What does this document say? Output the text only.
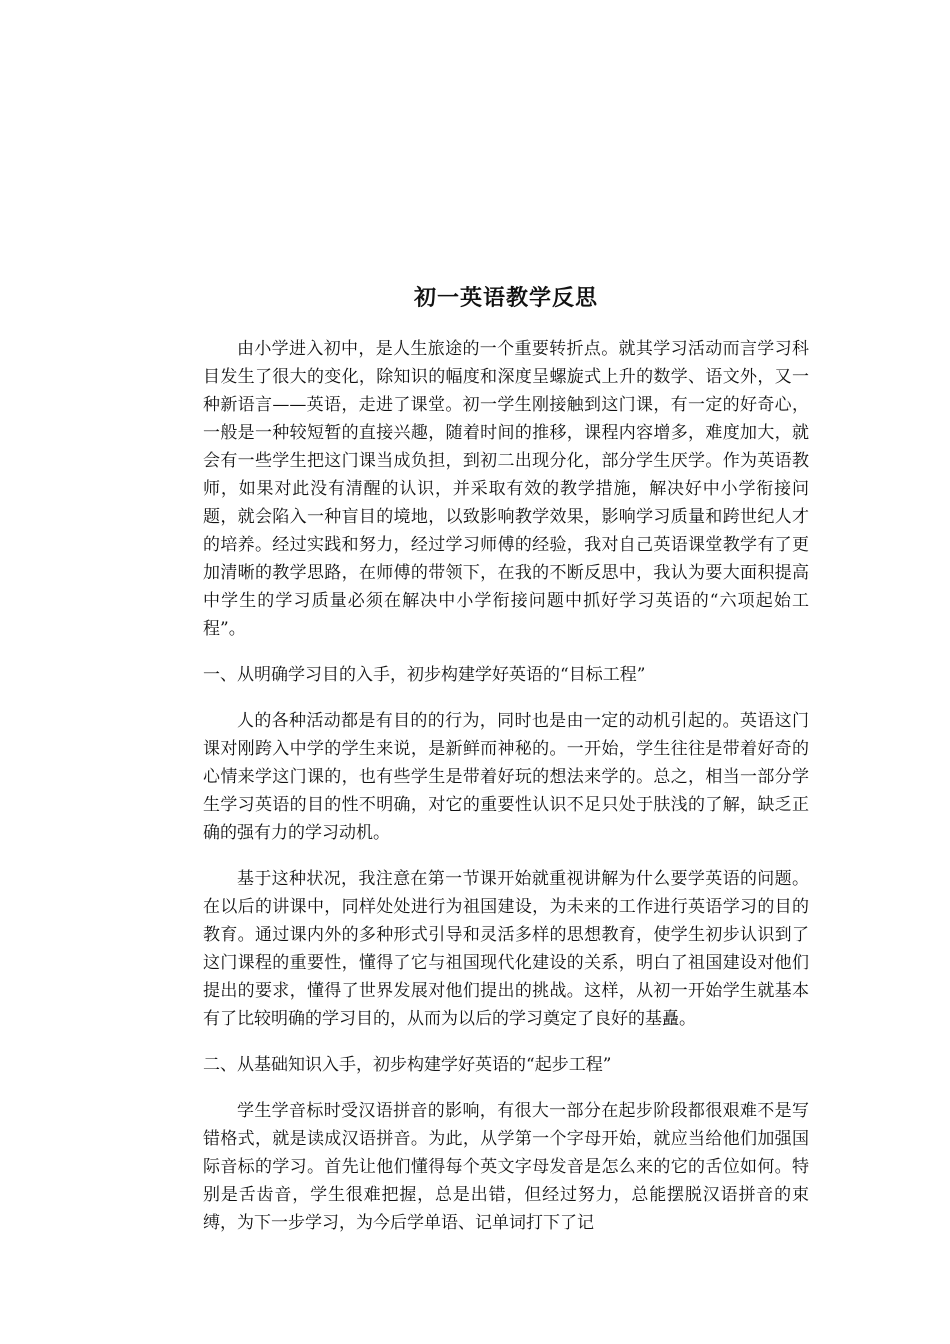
初一英语教学反思

由小学进入初中，是人生旅途的一个重要转折点。就其学习活动而言学习科目发生了很大的变化，除知识的幅度和深度呈螺旋式上升的数学、语文外，又一种新语言——英语，走进了课堂。初一学生刚接触到这门课，有一定的好奇心，一般是一种较短暂的直接兴趣，随着时间的推移，课程内容增多，难度加大，就会有一些学生把这门课当成负担，到初二出现分化，部分学生厌学。作为英语教师，如果对此没有清醒的认识，并采取有效的教学措施，解决好中小学衔接问题，就会陷入一种盲目的境地，以致影响教学效果，影响学习质量和跨世纪人才的培养。经过实践和努力，经过学习师傅的经验，我对自己英语课堂教学有了更加清晰的教学思路，在师傅的带领下，在我的不断反思中，我认为要大面积提高中学生的学习质量必须在解决中小学衔接问题中抓好学习英语的“六项起始工程”。

一、从明确学习目的入手，初步构建学好英语的“目标工程”

人的各种活动都是有目的的行为，同时也是由一定的动机引起的。英语这门课对刚跨入中学的学生来说，是新鲜而神秘的。一开始，学生往往是带着好奇的心情来学这门课的，也有些学生是带着好玩的想法来学的。总之，相当一部分学生学习英语的目的性不明确，对它的重要性认识不足只处于肤浅的了解，缺乏正确的强有力的学习动机。

基于这种状况，我注意在第一节课开始就重视讲解为什么要学英语的问题。在以后的讲课中，同样处处进行为祖国建设，为未来的工作进行英语学习的目的教育。通过课内外的多种形式引导和灵活多样的思想教育，使学生初步认识到了这门课程的重要性，懂得了它与祖国现代化建设的关系，明白了祖国建设对他们提出的要求，懂得了世界发展对他们提出的挑战。这样，从初一开始学生就基本有了比较明确的学习目的，从而为以后的学习奠定了良好的基矗。

二、从基础知识入手，初步构建学好英语的“起步工程”

学生学音标时受汉语拼音的影响，有很大一部分在起步阶段都很艰难不是写错格式，就是读成汉语拼音。为此，从学第一个字母开始，就应当给他们加强国际音标的学习。首先让他们懂得每个英文字母发音是怎么来的它的舌位如何。特别是舌齿音，学生很难把握，总是出错，但经过努力，总能摆脱汉语拼音的束缚，为下一步学习，为今后学单语、记单词打下了记
